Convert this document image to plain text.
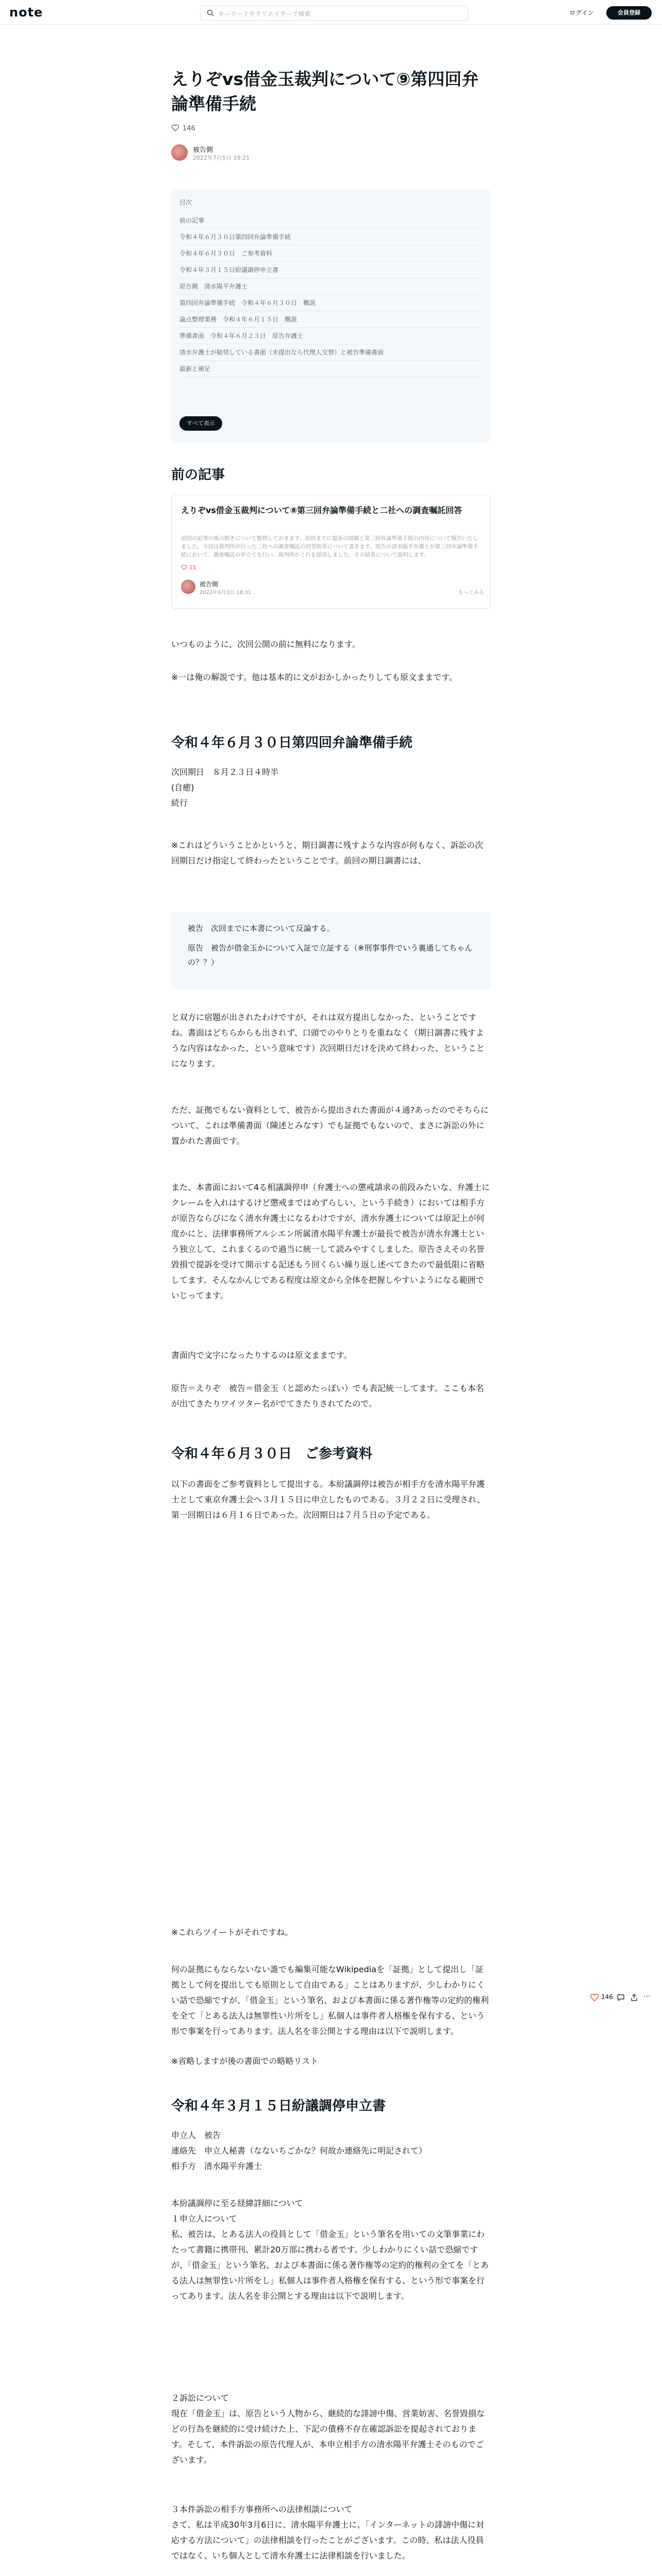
note	キーワードやクリエイターで検索	ログイン	会員登録
えりぞvs借金玉裁判について⑨第四回弁論準備手続
146
被告側
2022年7月5日 19:21
目次
前の記事
令和４年６月３０日第四回弁論準備手続
令和４年６月３０日　ご参考資料
令和４年３月１５日紛議調停申立書
原告側　清水陽平弁護士
第四回弁論準備手続　令和４年６月３０日　概説
論点整理業務　令和４年６月１５日　概説
準備書面　令和４年６月２３日　原告弁護士
清水弁護士が勧奨している書面（未提出なら代理人交替）と被告準備書面
最新と補足
すべて表示
前の記事
えりぞvs借金玉裁判について⑧第三回弁論準備手続と二社への調査嘱託回答
前回の記事の後の動きについて整理しておきます。前回までに提訴の経緯と第三回弁論準備手続の内容について報告いたしました。今回は裁判所が行った二社への調査嘱託の回答結果について書きます。原告の清水陽平弁護士が第三回弁論準備手続において、調査嘱託の申立てを行い、裁判所がこれを採用しました。その結果について説明します。
11
被告側
2022年6月3日 18:31	もっとみる

いつものように、次回公開の前に無料になります。

※一は俺の解説です。他は基本的に文がおかしかったりしても原文ままです。

令和４年６月３０日第四回弁論準備手続

次回期日　８月２３日４時半

(自癒)

続行

※これはどういうことかというと、期日調書に残すような内容が何もなく、訴訟の次回期日だけ指定して終わったということです。前回の期日調書には、

被告　次回までに本書について反論する。

原告　被告が借金玉かについて入証で立証する（※刑事事件でいう裏通してちゃんの？？）

と双方に宿題が出されたわけですが、それは双方提出しなかった、ということですね。書面はどちらからも出されず、口頭でのやりとりを重ねなく（期日調書に残すような内容はなかった、という意味です）次回期日だけを決めて終わった、ということになります。

ただ、証拠でもない資料として、被告から提出された書面が４通?あったのでそちらについて、これは準備書面（陳述とみなす）でも証拠でもないので、まさに訴訟の外に置かれた書面です。

また、本書面において4る相議調停申（弁護士への懲戒請求の前段みたいな、弁護士にクレームを入れはするけど懲戒まではめずらしい、という手続き）においては相手方が原告ならびになく清水弁護士になるわけですが、清水弁護士については原記上が何度かにと、法律事務所アルシエン所属清水陽平弁護士が最長で被告が清水弁護士という独立して、これまくるので過当に統一して読みやすくしました。原告さえその名誉毀損で提訴を受けて開示する記述もう回くらい繰り返し述べてきたので最低限に省略してます。そんなかんじである程度は原文から全体を把握しやすいようになる範囲でいじってます。

書面内で文字になったりするのは原文ままです。

原告＝えりぞ　被告＝借金玉（と認めたっぽい）でも表記統一してます。ここも本名が出てきたりワイツター名がでてきたりされてたので。

令和４年６月３０日　ご参考資料

以下の書面をご参考資料として提出する。本紛議調停は被告が相手方を清水陽平弁護士として東京弁護士会へ３月１５日に申立したものである。３月２２日に受理され、第一回期日は６月１６日であった。次回期日は７月５日の予定である。

※これらツイートがそれですね。

何の証拠にもならないない誰でも編集可能なWikipediaを「証拠」として提出し「証拠として何を提出しても原則として自由である」ことはありますが、少しわかりにくい話で恐縮ですが、「借金玉」という筆名、および本書面に係る著作権等の定約的権利を全て「とある法人は無罪性い片所をし」私個人は事件者人格権を保有する、という形で事案を行ってあります。法人名を非公開とする理由は以下で説明します。

※省略しますが後の書面での略略リスト

146	⋯
令和４年３月１５日紛議調停申立書

申立人　被告

連絡先　申立人秘書（なないちごかな？何故か連絡先に明記されて）

相手方　清水陽平弁護士

本紛議調停に至る経緯詳細について

１申立人について

私、被告は、とある法人の役員として「借金玉」という筆名を用いての文筆事業にわたって書籍に携帯刊、累計20万部に携わる者です。少しわかりにくい話で恐縮ですが、「借金玉」という筆名、および本書面に係る著作権等の定約的権利の全てを「とある法人は無罪性い片所をし」私個人は事件者人格権を保有する、という形で事案を行ってあります。法人名を非公開とする理由は以下で説明します。

２訴訟について

現在「借金玉」は、原告という人物から、継続的な誹謗中傷、営業妨害、名誉毀損などの行為を継続的に受け続けた上、下記の債務不存在確認訴訟を提起されております。そして、本件訴訟の原告代理人が、本申立相手方の清水陽平弁護士そのものでございます。

３本件訴訟の相手方事務所への法律相談について

さて、私は平成30年3月6日に、清水陽平弁護士に、「インターネットの誹謗中傷に対応する方法について」の法律相談を行ったことがございます。この時、私は法人役員ではなく、いち個人として清水弁護士に法律相談を行いました。
